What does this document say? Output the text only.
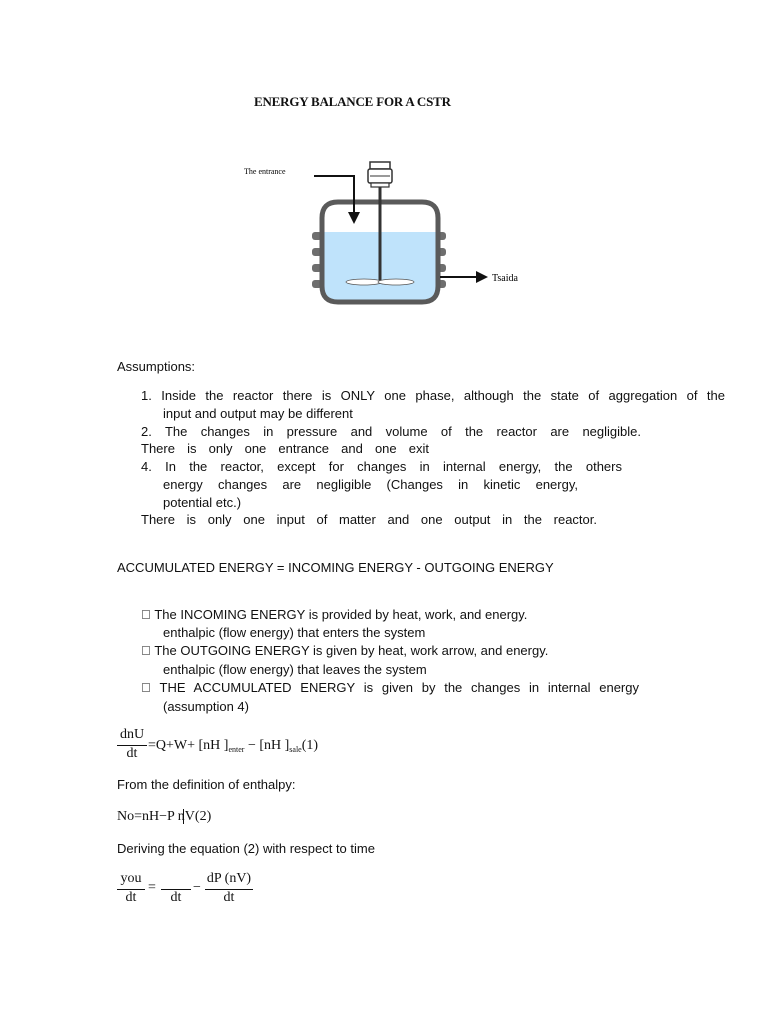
ENERGY BALANCE FOR A CSTR
The entrance
Tsaida
Assumptions:
1. Inside the reactor there is ONLY one phase, although the state of aggregation of the
input and output may be different
2. The changes in pressure and volume of the reactor are negligible.
There is only one entrance and one exit
4. In the reactor, except for changes in internal energy, the others
energy changes are negligible (Changes in kinetic energy,
potential etc.)
There is only one input of matter and one output in the reactor.
ACCUMULATED ENERGY = INCOMING ENERGY - OUTGOING ENERGY
The INCOMING ENERGY is provided by heat, work, and energy.
enthalpic (flow energy) that enters the system
The OUTGOING ENERGY is given by heat, work arrow, and energy.
enthalpic (flow energy) that leaves the system
THE ACCUMULATED ENERGY is given by the changes in internal energy
(assumption 4)
dnU
dt
=Q+W+ [nH ]$_{enter} - [nH$ ]$_{sale}(1)$
From the definition of enthalpy:
No=nH−P nV(2)
Deriving the equation (2) with respect to time
you
dt
=
dt
−
dP (nV)
dt
